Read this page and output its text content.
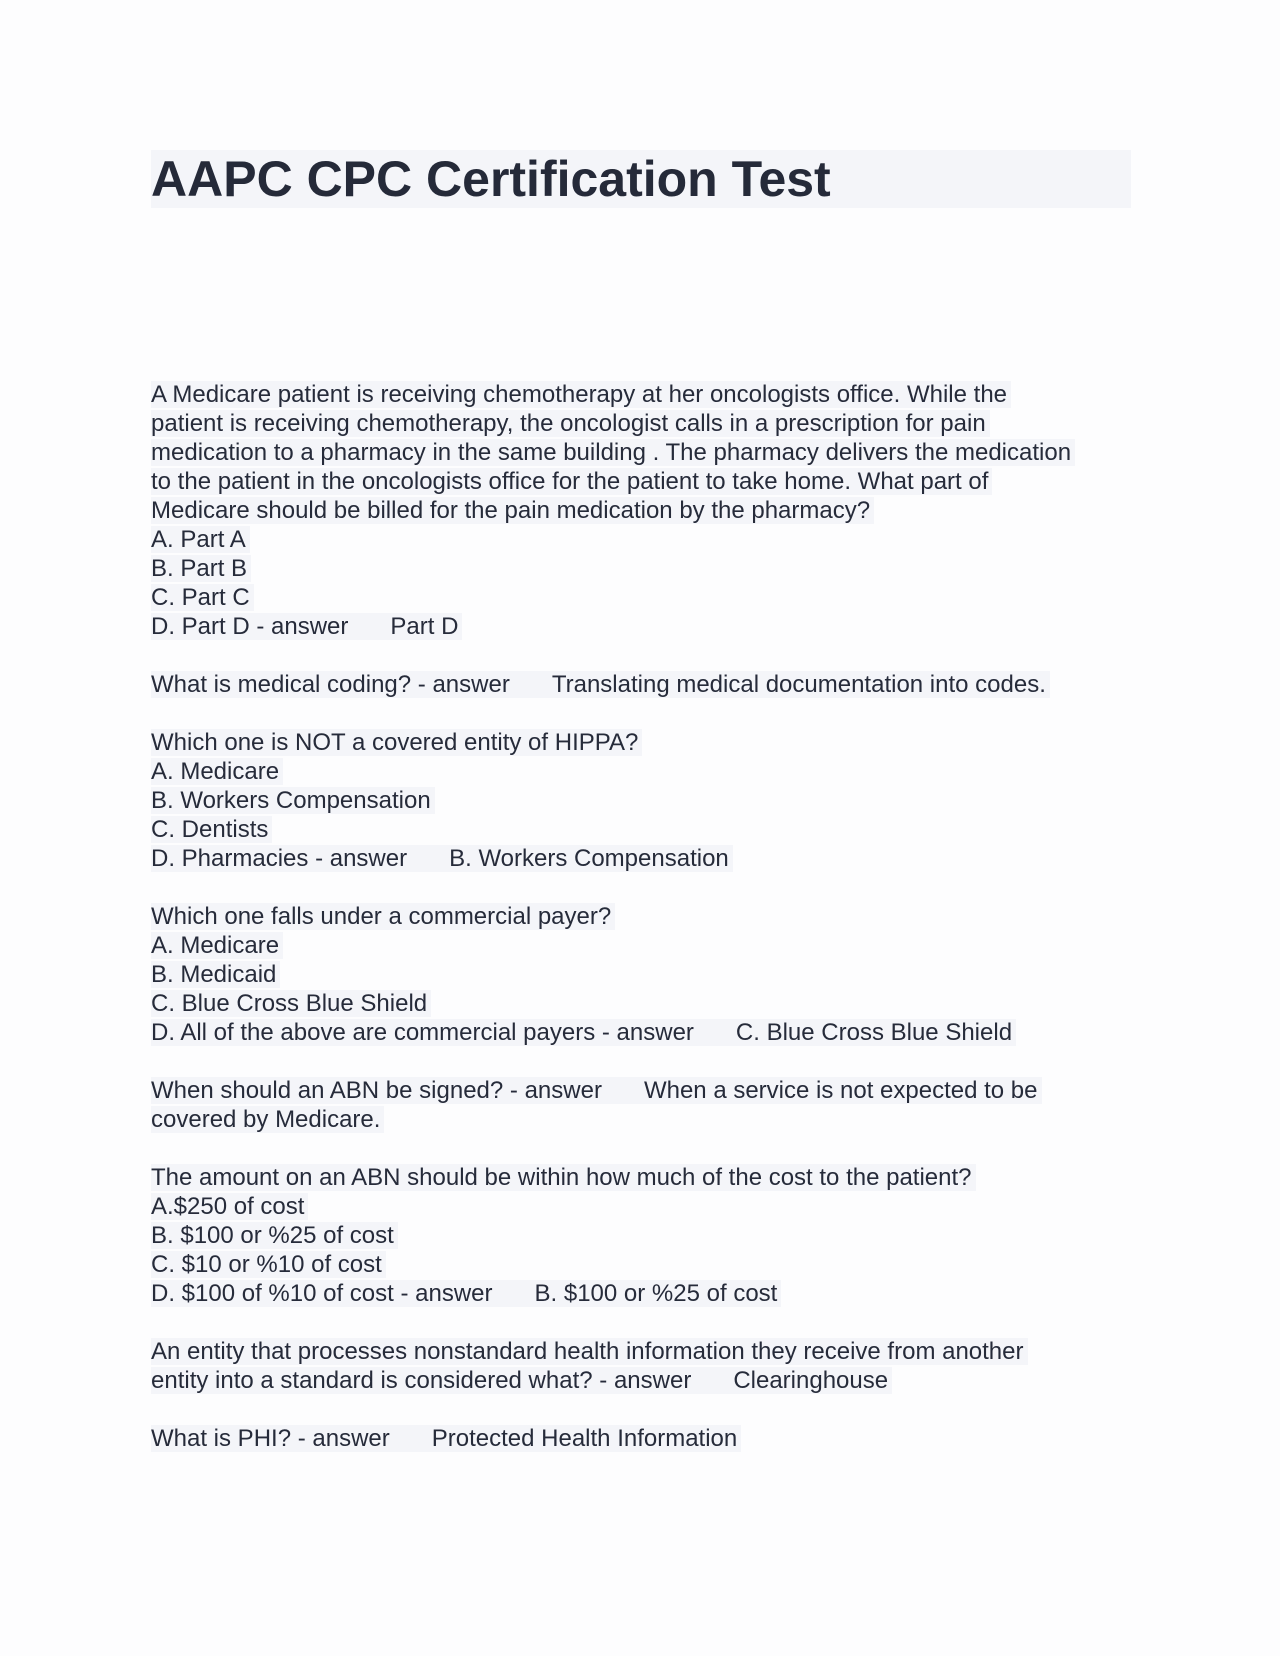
AAPC CPC Certification Test
A Medicare patient is receiving chemotherapy at her oncologists office. While the
patient is receiving chemotherapy, the oncologist calls in a prescription for pain
medication to a pharmacy in the same building . The pharmacy delivers the medication
to the patient in the oncologists office for the patient to take home. What part of
Medicare should be billed for the pain medication by the pharmacy?
A. Part A
B. Part B
C. Part C
D. Part D - answer Part D
What is medical coding? - answer Translating medical documentation into codes.
Which one is NOT a covered entity of HIPPA?
A. Medicare
B. Workers Compensation
C. Dentists
D. Pharmacies - answer B. Workers Compensation
Which one falls under a commercial payer?
A. Medicare
B. Medicaid
C. Blue Cross Blue Shield
D. All of the above are commercial payers - answer C. Blue Cross Blue Shield
When should an ABN be signed? - answer When a service is not expected to be
covered by Medicare.
The amount on an ABN should be within how much of the cost to the patient?
A.$250 of cost
B. $100 or %25 of cost
C. $10 or %10 of cost
D. $100 of %10 of cost - answer B. $100 or %25 of cost
An entity that processes nonstandard health information they receive from another
entity into a standard is considered what? - answer Clearinghouse
What is PHI? - answer Protected Health Information
